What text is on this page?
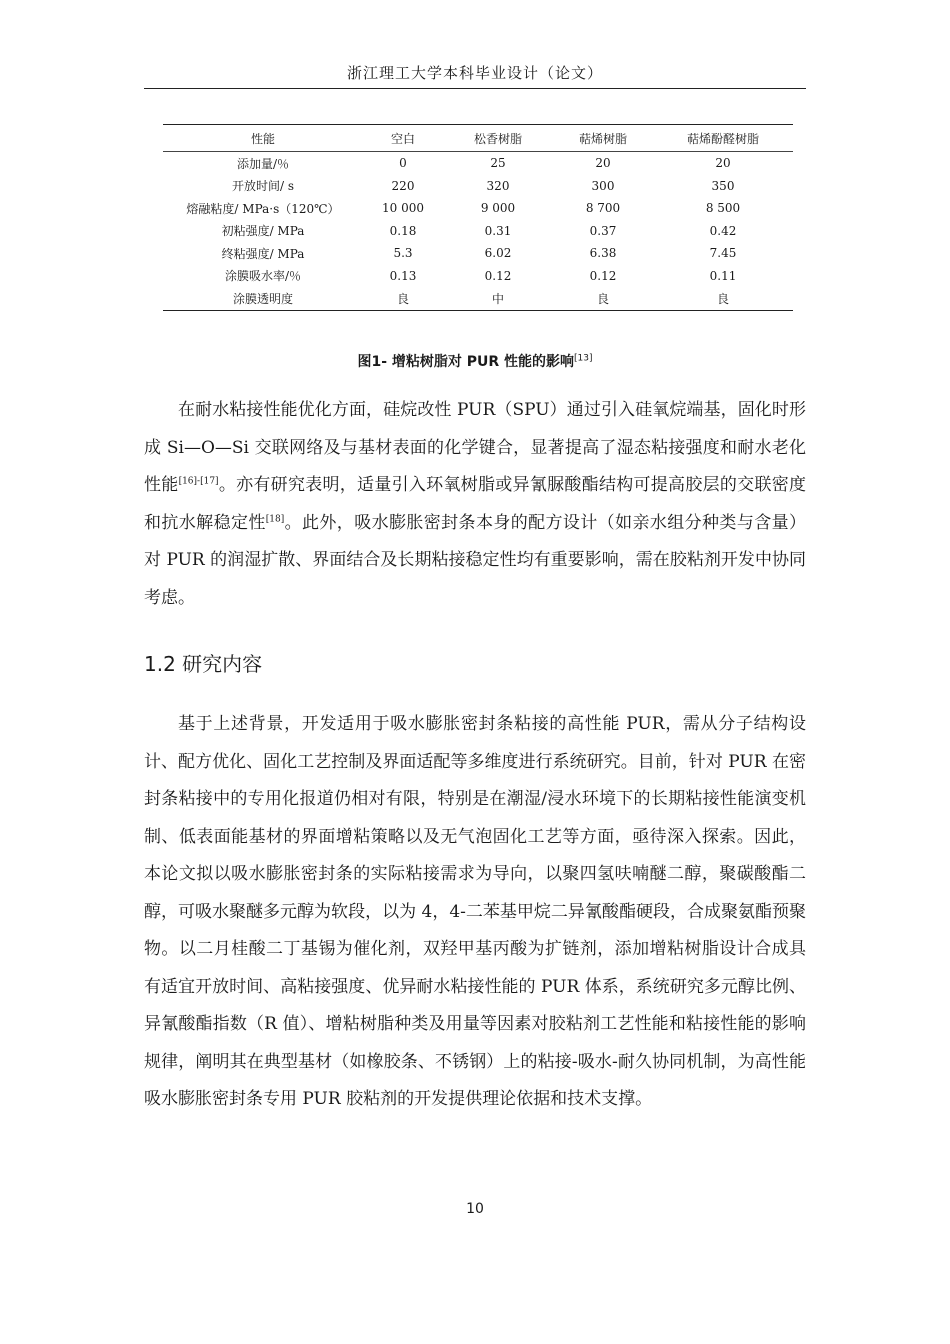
浙江理工大学本科毕业设计（论文）
性能	空白	松香树脂	萜烯树脂	萜烯酚醛树脂
添加量/％	0	25	20	20
开放时间/ s	220	320	300	350
熔融粘度/ MPa·s（120℃）	10 000	9 000	8 700	8 500
初粘强度/ MPa	0.18	0.31	0.37	0.42
终粘强度/ MPa	5.3	6.02	6.38	7.45
涂膜吸水率/％	0.13	0.12	0.12	0.11
涂膜透明度	良	中	良	良
图1- 增粘树脂对 PUR 性能的影响[13]

在耐水粘接性能优化方面，硅烷改性 PUR（SPU）通过引入硅氧烷端基，固化时形成 Si—O—Si 交联网络及与基材表面的化学键合，显著提高了湿态粘接强度和耐水老化性能[16]-[17]。亦有研究表明，适量引入环氧树脂或异氰脲酸酯结构可提高胶层的交联密度和抗水解稳定性[18]。此外，吸水膨胀密封条本身的配方设计（如亲水组分种类与含量）对 PUR 的润湿扩散、界面结合及长期粘接稳定性均有重要影响，需在胶粘剂开发中协同考虑。

1.2 研究内容

基于上述背景，开发适用于吸水膨胀密封条粘接的高性能 PUR，需从分子结构设计、配方优化、固化工艺控制及界面适配等多维度进行系统研究。目前，针对 PUR 在密封条粘接中的专用化报道仍相对有限，特别是在潮湿/浸水环境下的长期粘接性能演变机制、低表面能基材的界面增粘策略以及无气泡固化工艺等方面，亟待深入探索。因此，本论文拟以吸水膨胀密封条的实际粘接需求为导向，以聚四氢呋喃醚二醇，聚碳酸酯二醇，可吸水聚醚多元醇为软段，以为 4，4-二苯基甲烷二异氰酸酯硬段，合成聚氨酯预聚物。以二月桂酸二丁基锡为催化剂，双羟甲基丙酸为扩链剂，添加增粘树脂设计合成具有适宜开放时间、高粘接强度、优异耐水粘接性能的 PUR 体系，系统研究多元醇比例、异氰酸酯指数（R 值）、增粘树脂种类及用量等因素对胶粘剂工艺性能和粘接性能的影响规律，阐明其在典型基材（如橡胶条、不锈钢）上的粘接-吸水-耐久协同机制，为高性能吸水膨胀密封条专用 PUR 胶粘剂的开发提供理论依据和技术支撑。

10
